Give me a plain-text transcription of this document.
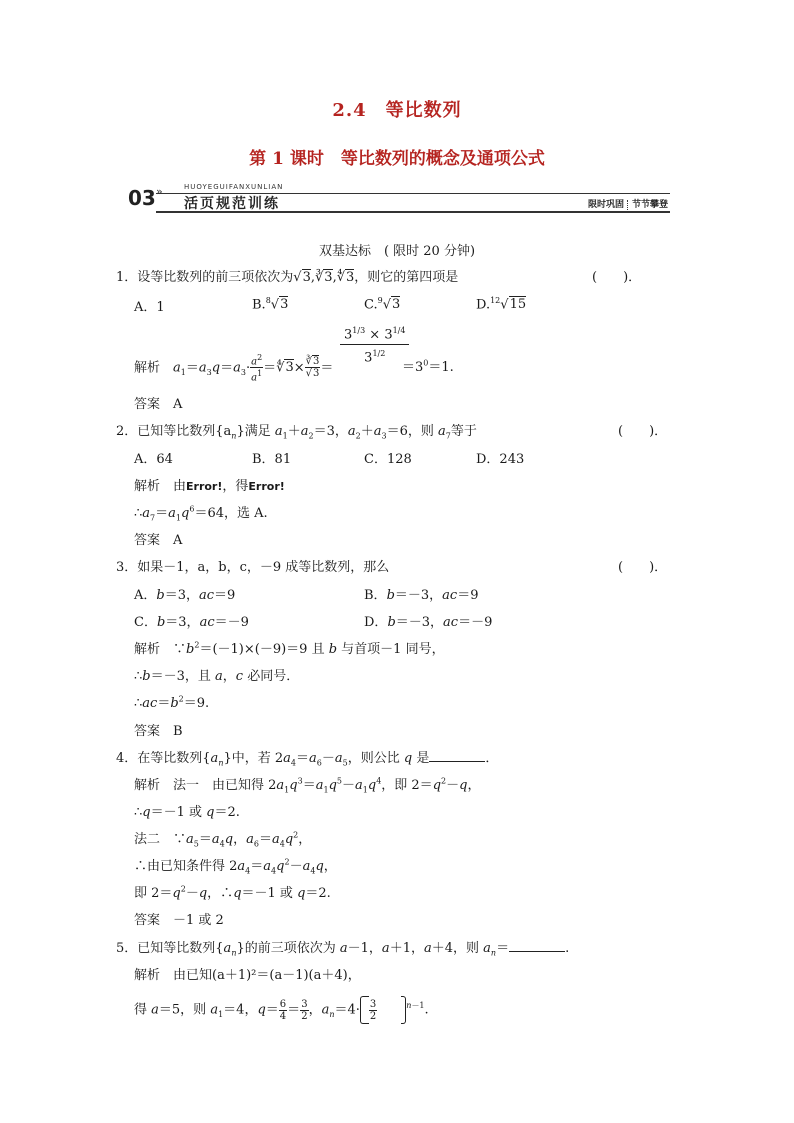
2.4　等比数列
第 1 课时　等比数列的概念及通项公式
03 »	HUOYEGUIFANXUNLIAN
活页规范训练	限时巩固 节节攀登
双基达标　( 限时 20 分钟)
1．设等比数列的前三项依次为√3,∛3,∜3，则它的第四项是	(　　)．
A．1	B.$^8$√3	C.$^9$√3	D.$^{12}$√15
$3^{1/3} \times 3^{1/4}$
$3^{1/2}$
解析　 $a_1=a_3q=a_3\cdot \frac{a^2}{a^1}$ ＝∜3× $\frac{∛3}{√3}$ ＝	$=3^0=1$.
答案　A
2．已知等比数列$\{a_n\}$满足 $a_1+a_2=3$，$a_2+a_3=6$，则 $a_7$等于	(　　)．
A．64	B．81	C．128	D．243
解析　由Error!，得Error!
$\therefore a_7=a_1q^6=64$，选 A.
答案　A
3．如果－1，a，b，c，－9 成等比数列，那么	(　　)．
A．b＝3，ac＝9	B．b＝－3，ac＝9
C．b＝3，ac＝－9	D．b＝－3，ac＝－9
解析　$\because b^2=(-1)\times(-9)=9$ 且 b 与首项－1 同号，
∴b＝－3，且 a，c 必同号．
$\therefore ac=b^2=9$.
答案　B
4．在等比数列$\{a_n\}$中，若 $2a_4=a_6-a_5$，则公比 q 是	．
解析　法一　由已知得 $2a_1q^3=a_1q^5-a_1q^4$，即 $2=q^2-q$，
∴q＝－1 或 q＝2.
法二　$\because a_5=a_4q$，$a_6=a_4q^2$，
∴由已知条件得 $2a_4=a_4q^2-a_4q$，
即 $2=q^2-q$，∴q＝－1 或 q＝2.
答案　－1 或 2
5．已知等比数列$\{a_n\}$的前三项依次为 a－1，a＋1，a＋4，则 $a_n=$	.
解析　由已知(a＋1)²＝(a－1)(a＋4)，
得 a＝5，则 $a_1=4$，$q= \frac{6}{4} = \frac{3}{2}$ ，$a_n=4\cdot \frac{3}{2}$	$^{n-1}$.
